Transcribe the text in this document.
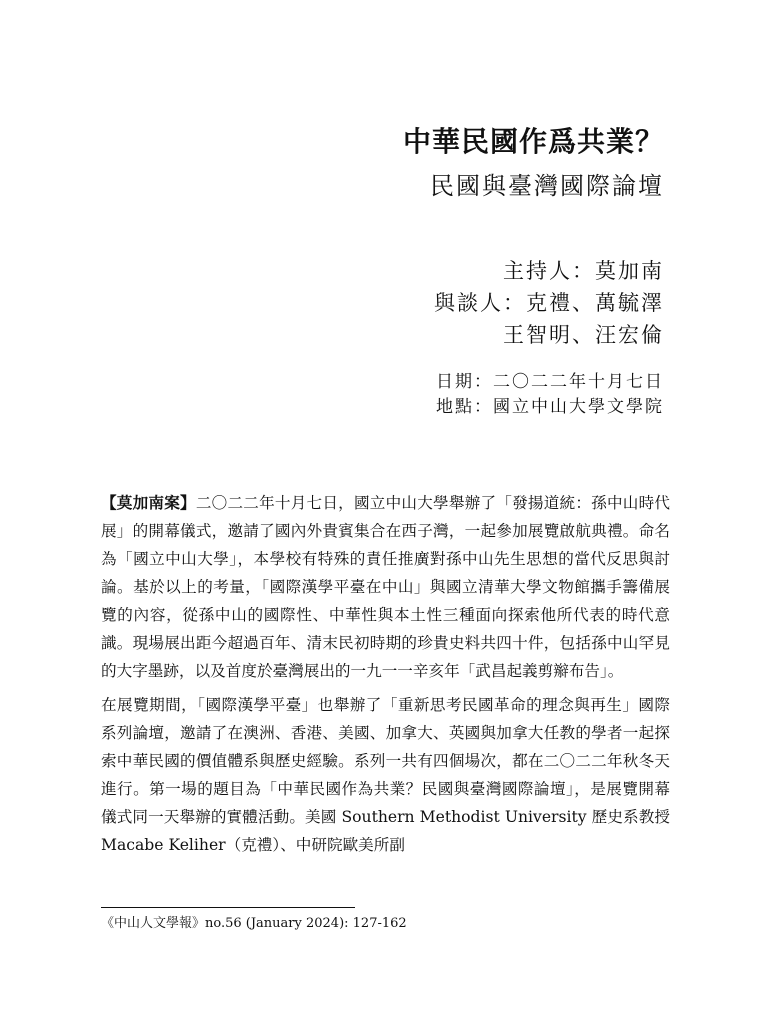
中華民國作爲共業？
民國與臺灣國際論壇
主持人：莫加南
與談人：克禮、萬毓澤
王智明、汪宏倫
日期：二〇二二年十月七日
地點：國立中山大學文學院

【莫加南案】二〇二二年十月七日，國立中山大學舉辦了「發揚道統：孫中山時代展」的開幕儀式，邀請了國內外貴賓集合在西子灣，一起參加展覽啟航典禮。命名為「國立中山大學」，本學校有特殊的責任推廣對孫中山先生思想的當代反思與討論。基於以上的考量，「國際漢學平臺在中山」與國立清華大學文物館攜手籌備展覽的內容，從孫中山的國際性、中華性與本土性三種面向探索他所代表的時代意識。現場展出距今超過百年、清末民初時期的珍貴史料共四十件，包括孫中山罕見的大字墨跡，以及首度於臺灣展出的一九一一辛亥年「武昌起義剪辮布告」。

在展覽期間，「國際漢學平臺」也舉辦了「重新思考民國革命的理念與再生」國際系列論壇，邀請了在澳洲、香港、美國、加拿大、英國與加拿大任教的學者一起探索中華民國的價值體系與歷史經驗。系列一共有四個場次，都在二〇二二年秋冬天進行。第一場的題目為「中華民國作為共業？民國與臺灣國際論壇」，是展覽開幕儀式同一天舉辦的實體活動。美國 Southern Methodist University 歷史系教授 Macabe Keliher（克禮）、中研院歐美所副

《中山人文學報》no.56 (January 2024): 127-162
